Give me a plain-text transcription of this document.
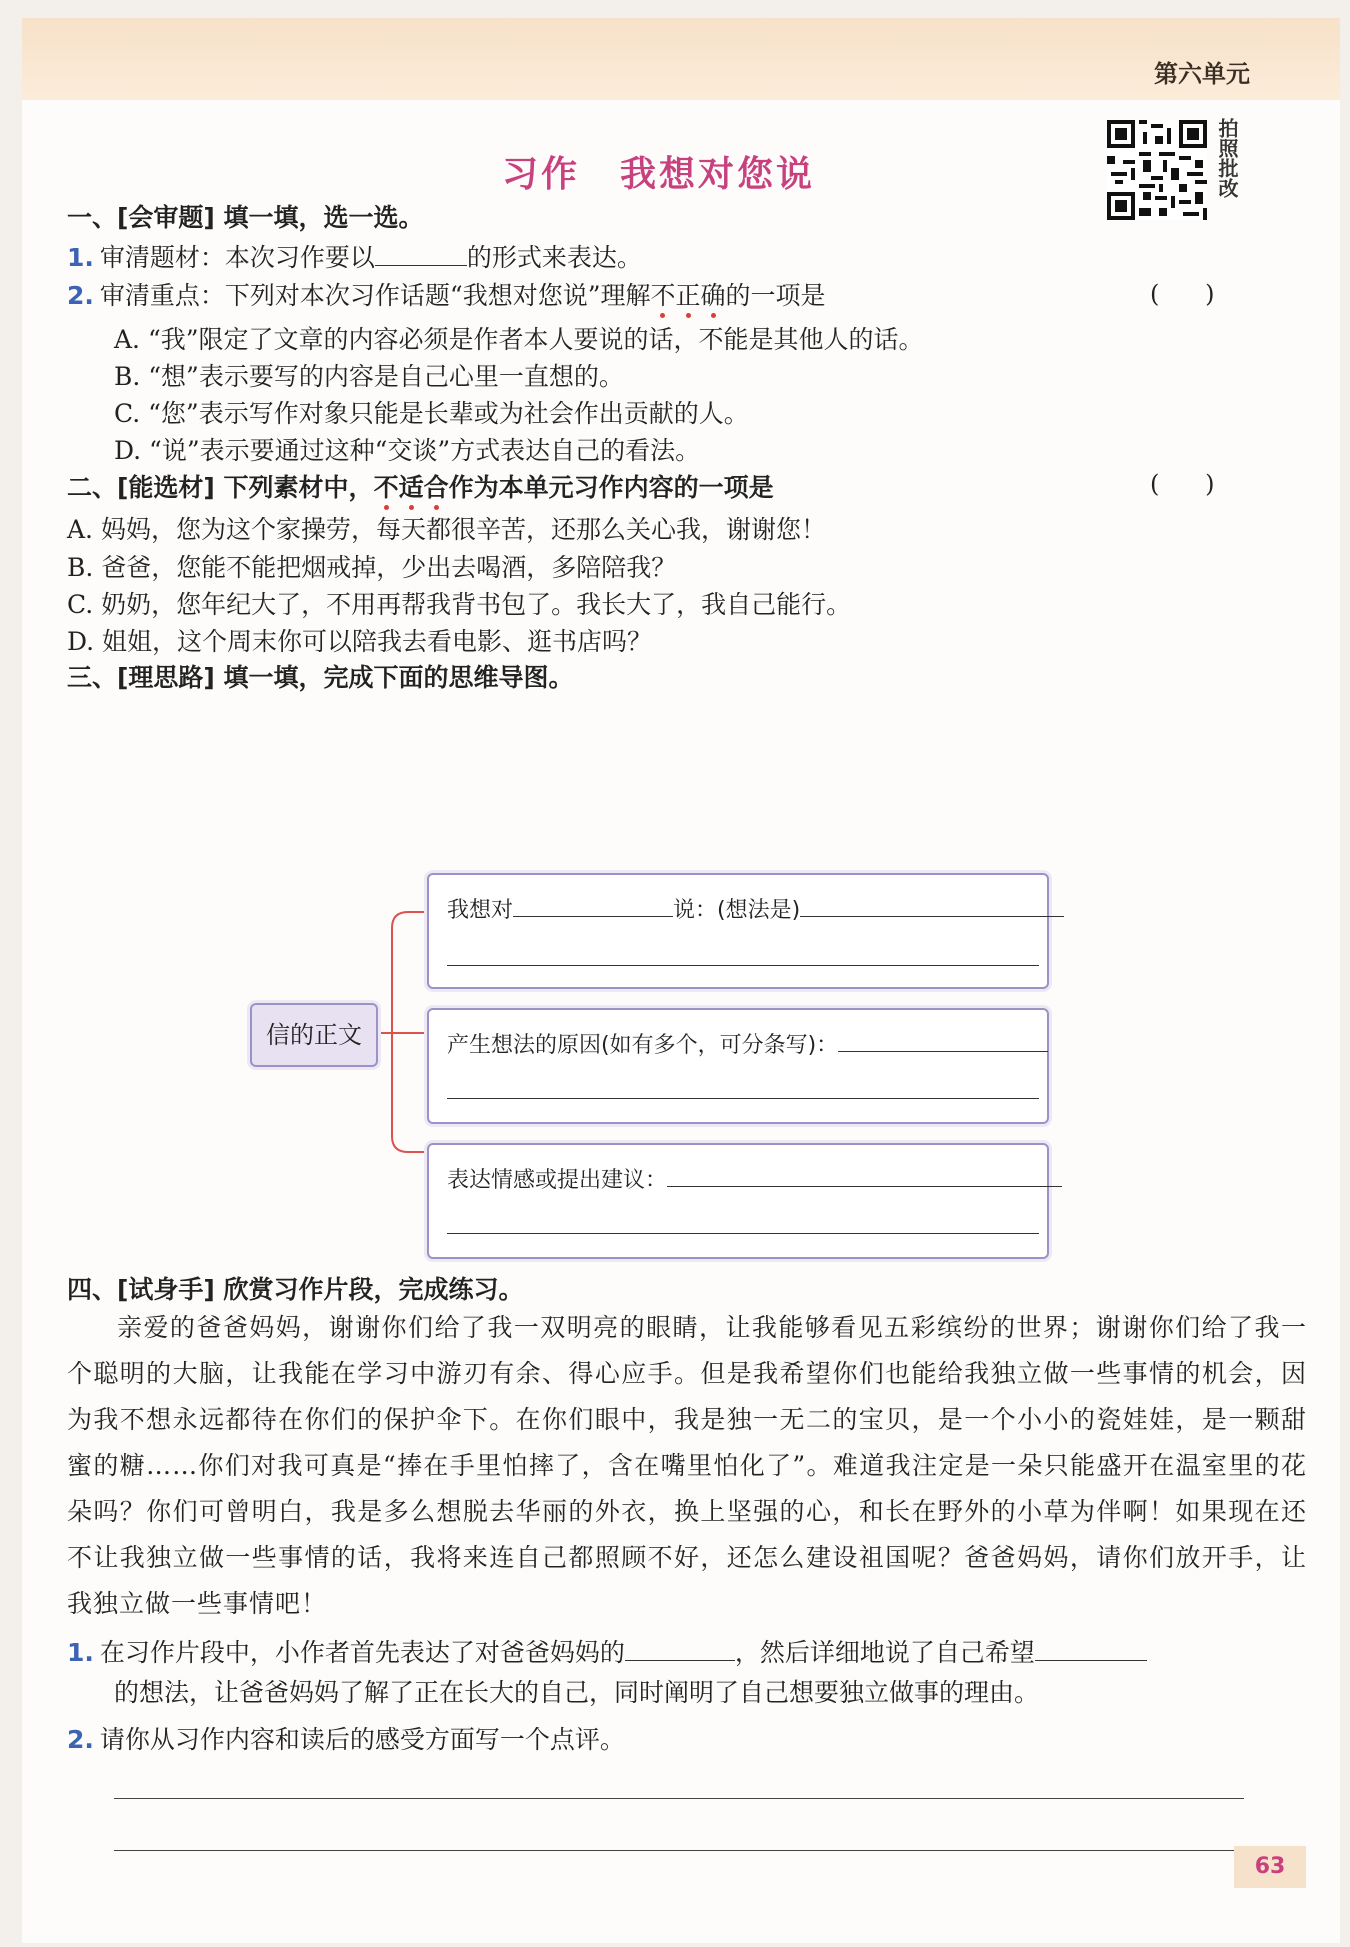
第六单元
习作 我想对您说	拍照批改
一、[会审题] 填一填，选一选。
1. 审清题材：本次习作要以	的形式来表达。
2. 审清重点：下列对本次习作话题“我想对您说”理解不正确的一项是	(      )
A. “我”限定了文章的内容必须是作者本人要说的话，不能是其他人的话。
B. “想”表示要写的内容是自己心里一直想的。
C. “您”表示写作对象只能是长辈或为社会作出贡献的人。
D. “说”表示要通过这种“交谈”方式表达自己的看法。
二、[能选材] 下列素材中，不适合作为本单元习作内容的一项是	(      )
A. 妈妈，您为这个家操劳，每天都很辛苦，还那么关心我，谢谢您！
B. 爸爸，您能不能把烟戒掉，少出去喝酒，多陪陪我？
C. 奶奶，您年纪大了，不用再帮我背书包了。我长大了，我自己能行。
D. 姐姐，这个周末你可以陪我去看电影、逛书店吗？
三、[理思路] 填一填，完成下面的思维导图。
信的正文
我想对	说：(想法是)
产生想法的原因(如有多个，可分条写)：
表达情感或提出建议：
四、[试身手] 欣赏习作片段，完成练习。
亲爱的爸爸妈妈，谢谢你们给了我一双明亮的眼睛，让我能够看见五彩缤纷的世界；谢谢你们给了我一个聪明的大脑，让我能在学习中游刃有余、得心应手。但是我希望你们也能给我独立做一些事情的机会，因为我不想永远都待在你们的保护伞下。在你们眼中，我是独一无二的宝贝，是一个小小的瓷娃娃，是一颗甜蜜的糖……你们对我可真是“捧在手里怕摔了，含在嘴里怕化了”。难道我注定是一朵只能盛开在温室里的花朵吗？你们可曾明白，我是多么想脱去华丽的外衣，换上坚强的心，和长在野外的小草为伴啊！如果现在还不让我独立做一些事情的话，我将来连自己都照顾不好，还怎么建设祖国呢？爸爸妈妈，请你们放开手，让我独立做一些事情吧！
1. 在习作片段中，小作者首先表达了对爸爸妈妈的	，然后详细地说了自己希望
的想法，让爸爸妈妈了解了正在长大的自己，同时阐明了自己想要独立做事的理由。
2. 请你从习作内容和读后的感受方面写一个点评。
63
